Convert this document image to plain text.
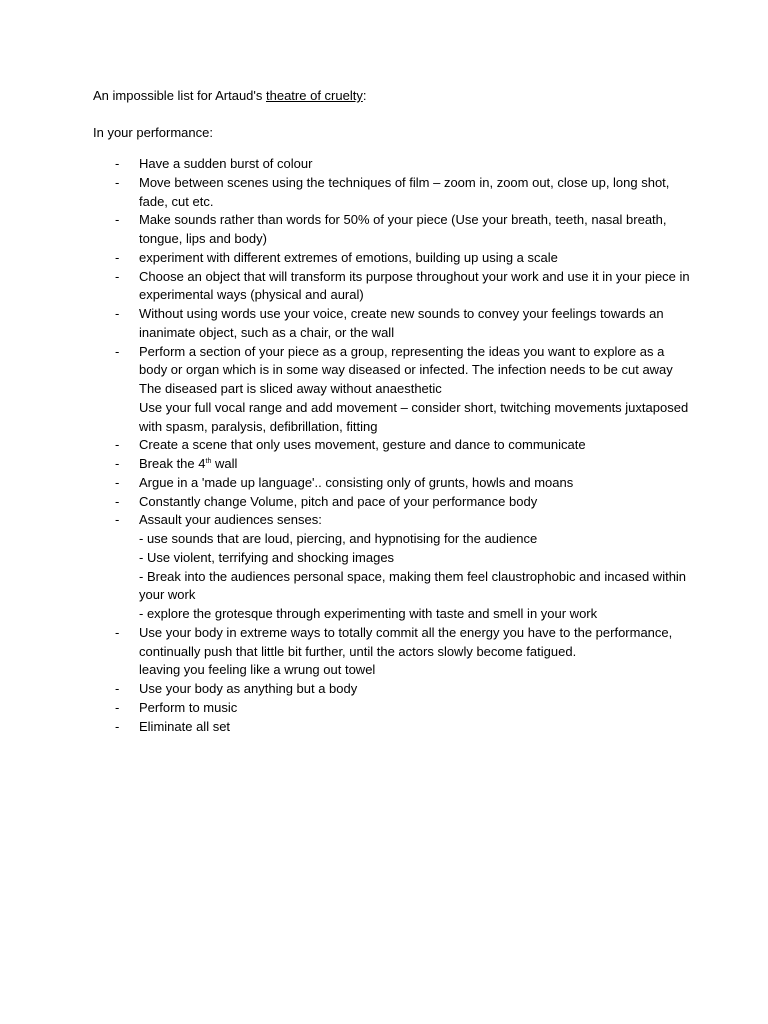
An impossible list for Artaud's theatre of cruelty:
In your performance:
- Have a sudden burst of colour
- Move between scenes using the techniques of film – zoom in, zoom out, close up, long shot, fade, cut etc.
- Make sounds rather than words for 50% of your piece (Use your breath, teeth, nasal breath, tongue, lips and body)
- experiment with different extremes of emotions, building up using a scale
- Choose an object that will transform its purpose throughout your work and use it in your piece in experimental ways (physical and aural)
- Without using words use your voice, create new sounds to convey your feelings towards an inanimate object, such as a chair, or the wall
- Perform a section of your piece as a group, representing the ideas you want to explore as a body or organ which is in some way diseased or infected. The infection needs to be cut away
The diseased part is sliced away without anaesthetic
Use your full vocal range and add movement – consider short, twitching movements juxtaposed with spasm, paralysis, defibrillation, fitting
- Create a scene that only uses movement, gesture and dance to communicate
- Break the 4th wall
- Argue in a 'made up language'.. consisting only of grunts, howls and moans
- Constantly change Volume, pitch and pace of your performance body
- Assault your audiences senses:
- use sounds that are loud, piercing, and hypnotising for the audience
- Use violent, terrifying and shocking images
- Break into the audiences personal space, making them feel claustrophobic and incased within your work
- explore the grotesque through experimenting with taste and smell in your work
- Use your body in extreme ways to totally commit all the energy you have to the performance, continually push that little bit further, until the actors slowly become fatigued.
leaving you feeling like a wrung out towel
- Use your body as anything but a body
- Perform to music
- Eliminate all set
